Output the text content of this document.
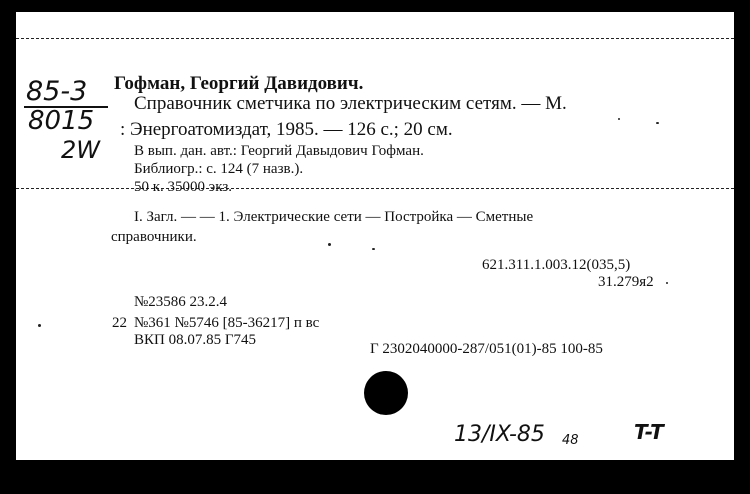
85-3
8015
2W
Гофман, Георгий Давидович.
Справочник сметчика по электрическим сетям. — М.
: Энергоатомиздат, 1985. — 126 с.; 20 см.
В вып. дан. авт.: Георгий Давыдович Гофман.
Библиогр.: с. 124 (7 назв.).
50 к. 35000 экз.
I. Загл. — — 1. Электрические сети — Постройка — Сметные
справочники.
621.311.1.003.12(035,5)
31.279я2
№23586 23.2.4
22 №361 №5746 [85-36217] п вс
ВКП 08.07.85 Г745
Г 2302040000-287/051(01)-85 100-85
13/IX-85 48	T-T
